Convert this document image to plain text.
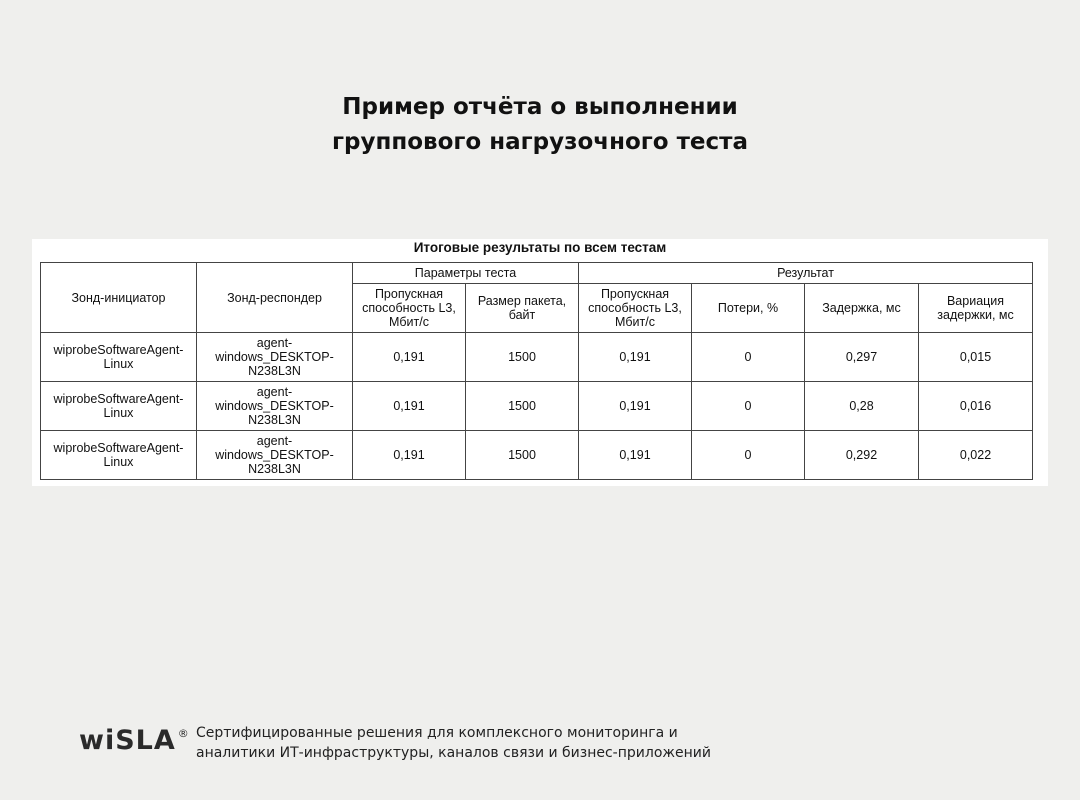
Пример отчёта о выполнении
группового нагрузочного теста
Итоговые результаты по всем тестам
Зонд-инициатор	Зонд-респондер	Параметры теста		Результат			
		Пропускная способность L3, Мбит/с	Размер пакета, байт	Пропускная способность L3, Мбит/с	Потери, %	Задержка, мс	Вариация задержки, мс
wiprobeSoftwareAgent-Linux	agent-windows_DESKTOP-N238L3N	0,191	1500	0,191	0	0,297	0,015
wiprobeSoftwareAgent-Linux	agent-windows_DESKTOP-N238L3N	0,191	1500	0,191	0	0,28	0,016
wiprobeSoftwareAgent-Linux	agent-windows_DESKTOP-N238L3N	0,191	1500	0,191	0	0,292	0,022
wiSLA ® Сертифицированные решения для комплексного мониторинга и
аналитики ИТ-инфраструктуры, каналов связи и бизнес-приложений
